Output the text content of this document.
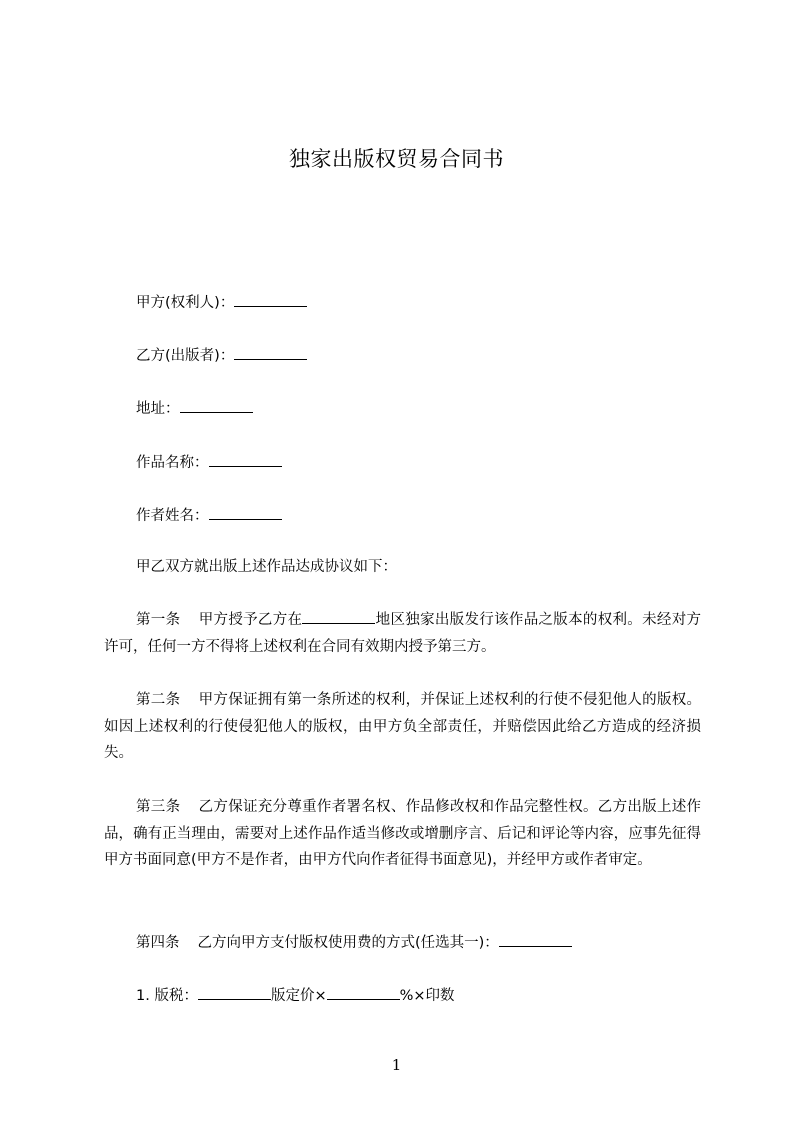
独家出版权贸易合同书
甲方(权利人)：
乙方(出版者)：
地址：
作品名称：
作者姓名：
甲乙双方就出版上述作品达成协议如下：
第一条 甲方授予乙方在	地区独家出版发行该作品之版本的权利。未经对方许可，任何一方不得将上述权利在合同有效期内授予第三方。
第二条 甲方保证拥有第一条所述的权利，并保证上述权利的行使不侵犯他人的版权。如因上述权利的行使侵犯他人的版权，由甲方负全部责任，并赔偿因此给乙方造成的经济损失。
第三条 乙方保证充分尊重作者署名权、作品修改权和作品完整性权。乙方出版上述作品，确有正当理由，需要对上述作品作适当修改或增删序言、后记和评论等内容，应事先征得甲方书面同意(甲方不是作者，由甲方代向作者征得书面意见)，并经甲方或作者审定。
第四条 乙方向甲方支付版权使用费的方式(任选其一)：
1. 版税：	版定价×	%×印数
1
